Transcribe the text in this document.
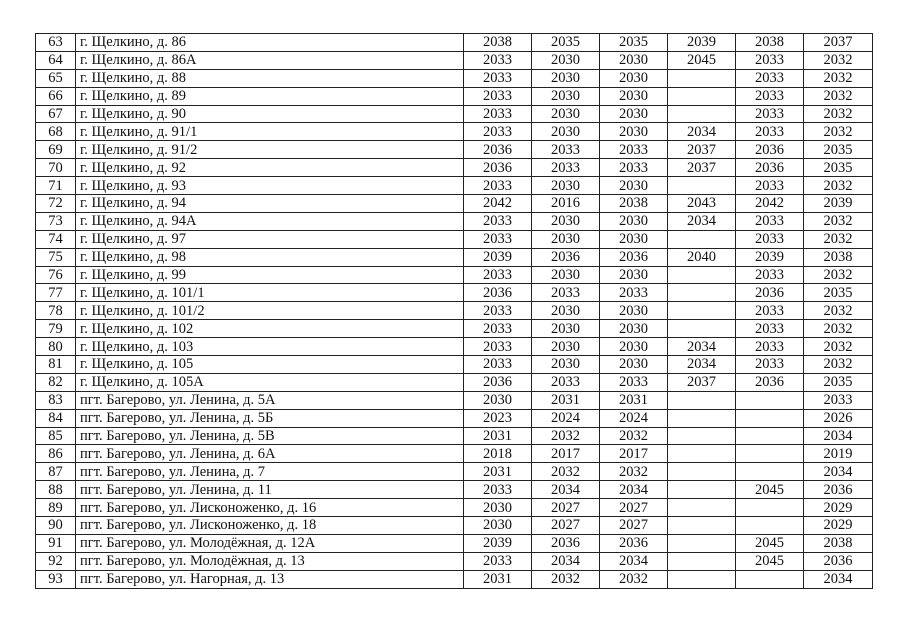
63	г. Щелкино, д. 86	2038	2035	2035	2039	2038	2037
64	г. Щелкино, д. 86А	2033	2030	2030	2045	2033	2032
65	г. Щелкино, д. 88	2033	2030	2030		2033	2032
66	г. Щелкино, д. 89	2033	2030	2030		2033	2032
67	г. Щелкино, д. 90	2033	2030	2030		2033	2032
68	г. Щелкино, д. 91/1	2033	2030	2030	2034	2033	2032
69	г. Щелкино, д. 91/2	2036	2033	2033	2037	2036	2035
70	г. Щелкино, д. 92	2036	2033	2033	2037	2036	2035
71	г. Щелкино, д. 93	2033	2030	2030		2033	2032
72	г. Щелкино, д. 94	2042	2016	2038	2043	2042	2039
73	г. Щелкино, д. 94А	2033	2030	2030	2034	2033	2032
74	г. Щелкино, д. 97	2033	2030	2030		2033	2032
75	г. Щелкино, д. 98	2039	2036	2036	2040	2039	2038
76	г. Щелкино, д. 99	2033	2030	2030		2033	2032
77	г. Щелкино, д. 101/1	2036	2033	2033		2036	2035
78	г. Щелкино, д. 101/2	2033	2030	2030		2033	2032
79	г. Щелкино, д. 102	2033	2030	2030		2033	2032
80	г. Щелкино, д. 103	2033	2030	2030	2034	2033	2032
81	г. Щелкино, д. 105	2033	2030	2030	2034	2033	2032
82	г. Щелкино, д. 105А	2036	2033	2033	2037	2036	2035
83	пгт. Багерово, ул. Ленина, д. 5А	2030	2031	2031			2033
84	пгт. Багерово, ул. Ленина, д. 5Б	2023	2024	2024			2026
85	пгт. Багерово, ул. Ленина, д. 5В	2031	2032	2032			2034
86	пгт. Багерово, ул. Ленина, д. 6А	2018	2017	2017			2019
87	пгт. Багерово, ул. Ленина, д. 7	2031	2032	2032			2034
88	пгт. Багерово, ул. Ленина, д. 11	2033	2034	2034		2045	2036
89	пгт. Багерово, ул. Лисконоженко, д. 16	2030	2027	2027			2029
90	пгт. Багерово, ул. Лисконоженко, д. 18	2030	2027	2027			2029
91	пгт. Багерово, ул. Молодёжная, д. 12А	2039	2036	2036		2045	2038
92	пгт. Багерово, ул. Молодёжная, д. 13	2033	2034	2034		2045	2036
93	пгт. Багерово, ул. Нагорная, д. 13	2031	2032	2032			2034
